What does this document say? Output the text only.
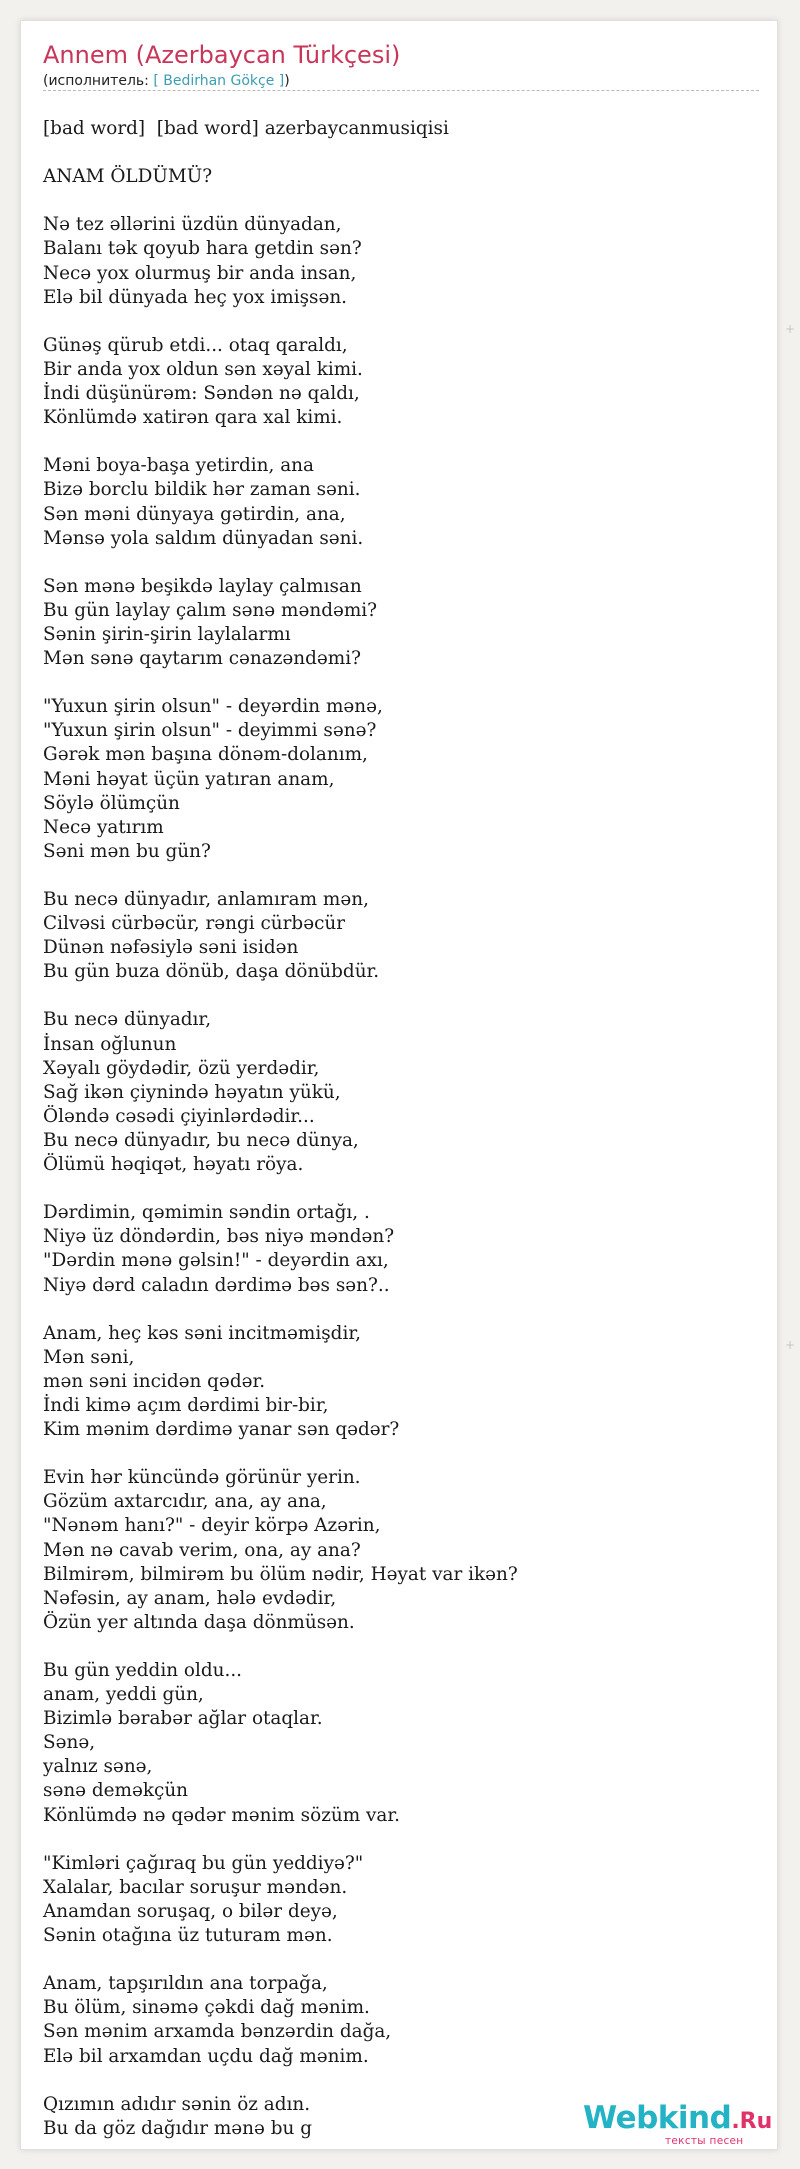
Annem (Azerbaycan Türkçesi)
(исполнитель: [ Bedirhan Gökçe ])
[bad word]  [bad word] azerbaycanmusiqisi
ANAM ÖLDÜMÜ?
Nə tez əllərini üzdün dünyadan,
Balanı tək qoyub hara getdin sən?
Necə yox olurmuş bir anda insan,
Elə bil dünyada heç yox imişsən.
Günəş qürub etdi... otaq qaraldı,
Bir anda yox oldun sən xəyal kimi.
İndi düşünürəm: Səndən nə qaldı,
Könlümdə xatirən qara xal kimi.
Məni boya-başa yetirdin, ana
Bizə borclu bildik hər zaman səni.
Sən məni dünyaya gətirdin, ana,
Mənsə yola saldım dünyadan səni.
Sən mənə beşikdə laylay çalmısan
Bu gün laylay çalım sənə məndəmi?
Sənin şirin-şirin laylalarmı
Mən sənə qaytarım cənazəndəmi?
"Yuxun şirin olsun" - deyərdin mənə,
"Yuxun şirin olsun" - deyimmi sənə?
Gərək mən başına dönəm-dolanım,
Məni həyat üçün yatıran anam,
Söylə ölümçün
Necə yatırım
Səni mən bu gün?
Bu necə dünyadır, anlamıram mən,
Cilvəsi cürbəcür, rəngi cürbəcür
Dünən nəfəsiylə səni isidən
Bu gün buza dönüb, daşa dönübdür.
Bu necə dünyadır,
İnsan oğlunun
Xəyalı göydədir, özü yerdədir,
Sağ ikən çiynində həyatın yükü,
Öləndə cəsədi çiyinlərdədir...
Bu necə dünyadır, bu necə dünya,
Ölümü həqiqət, həyatı röya.
Dərdimin, qəmimin səndin ortağı, .
Niyə üz döndərdin, bəs niyə məndən?
"Dərdin mənə gəlsin!" - deyərdin axı,
Niyə dərd caladın dərdimə bəs sən?..
Anam, heç kəs səni incitməmişdir,
Mən səni,
mən səni incidən qədər.
İndi kimə açım dərdimi bir-bir,
Kim mənim dərdimə yanar sən qədər?
Evin hər küncündə görünür yerin.
Gözüm axtarcıdır, ana, ay ana,
"Nənəm hanı?" - deyir körpə Azərin,
Mən nə cavab verim, ona, ay ana?
Bilmirəm, bilmirəm bu ölüm nədir, Həyat var ikən?
Nəfəsin, ay anam, hələ evdədir,
Özün yer altında daşa dönmüsən.
Bu gün yeddin oldu...
anam, yeddi gün,
Bizimlə bərabər ağlar otaqlar.
Sənə,
yalnız sənə,
sənə deməkçün
Könlümdə nə qədər mənim sözüm var.
"Kimləri çağıraq bu gün yeddiyə?"
Xalalar, bacılar soruşur məndən.
Anamdan soruşaq, o bilər deyə,
Sənin otağına üz tuturam mən.
Anam, tapşırıldın ana torpağa,
Bu ölüm, sinəmə çəkdi dağ mənim.
Sən mənim arxamda bənzərdin dağa,
Elə bil arxamdan uçdu dağ mənim.
Qızımın adıdır sənin öz adın.
Bu da göz dağıdır mənə bu g	Webkind.Ru
тексты песен
+
+
